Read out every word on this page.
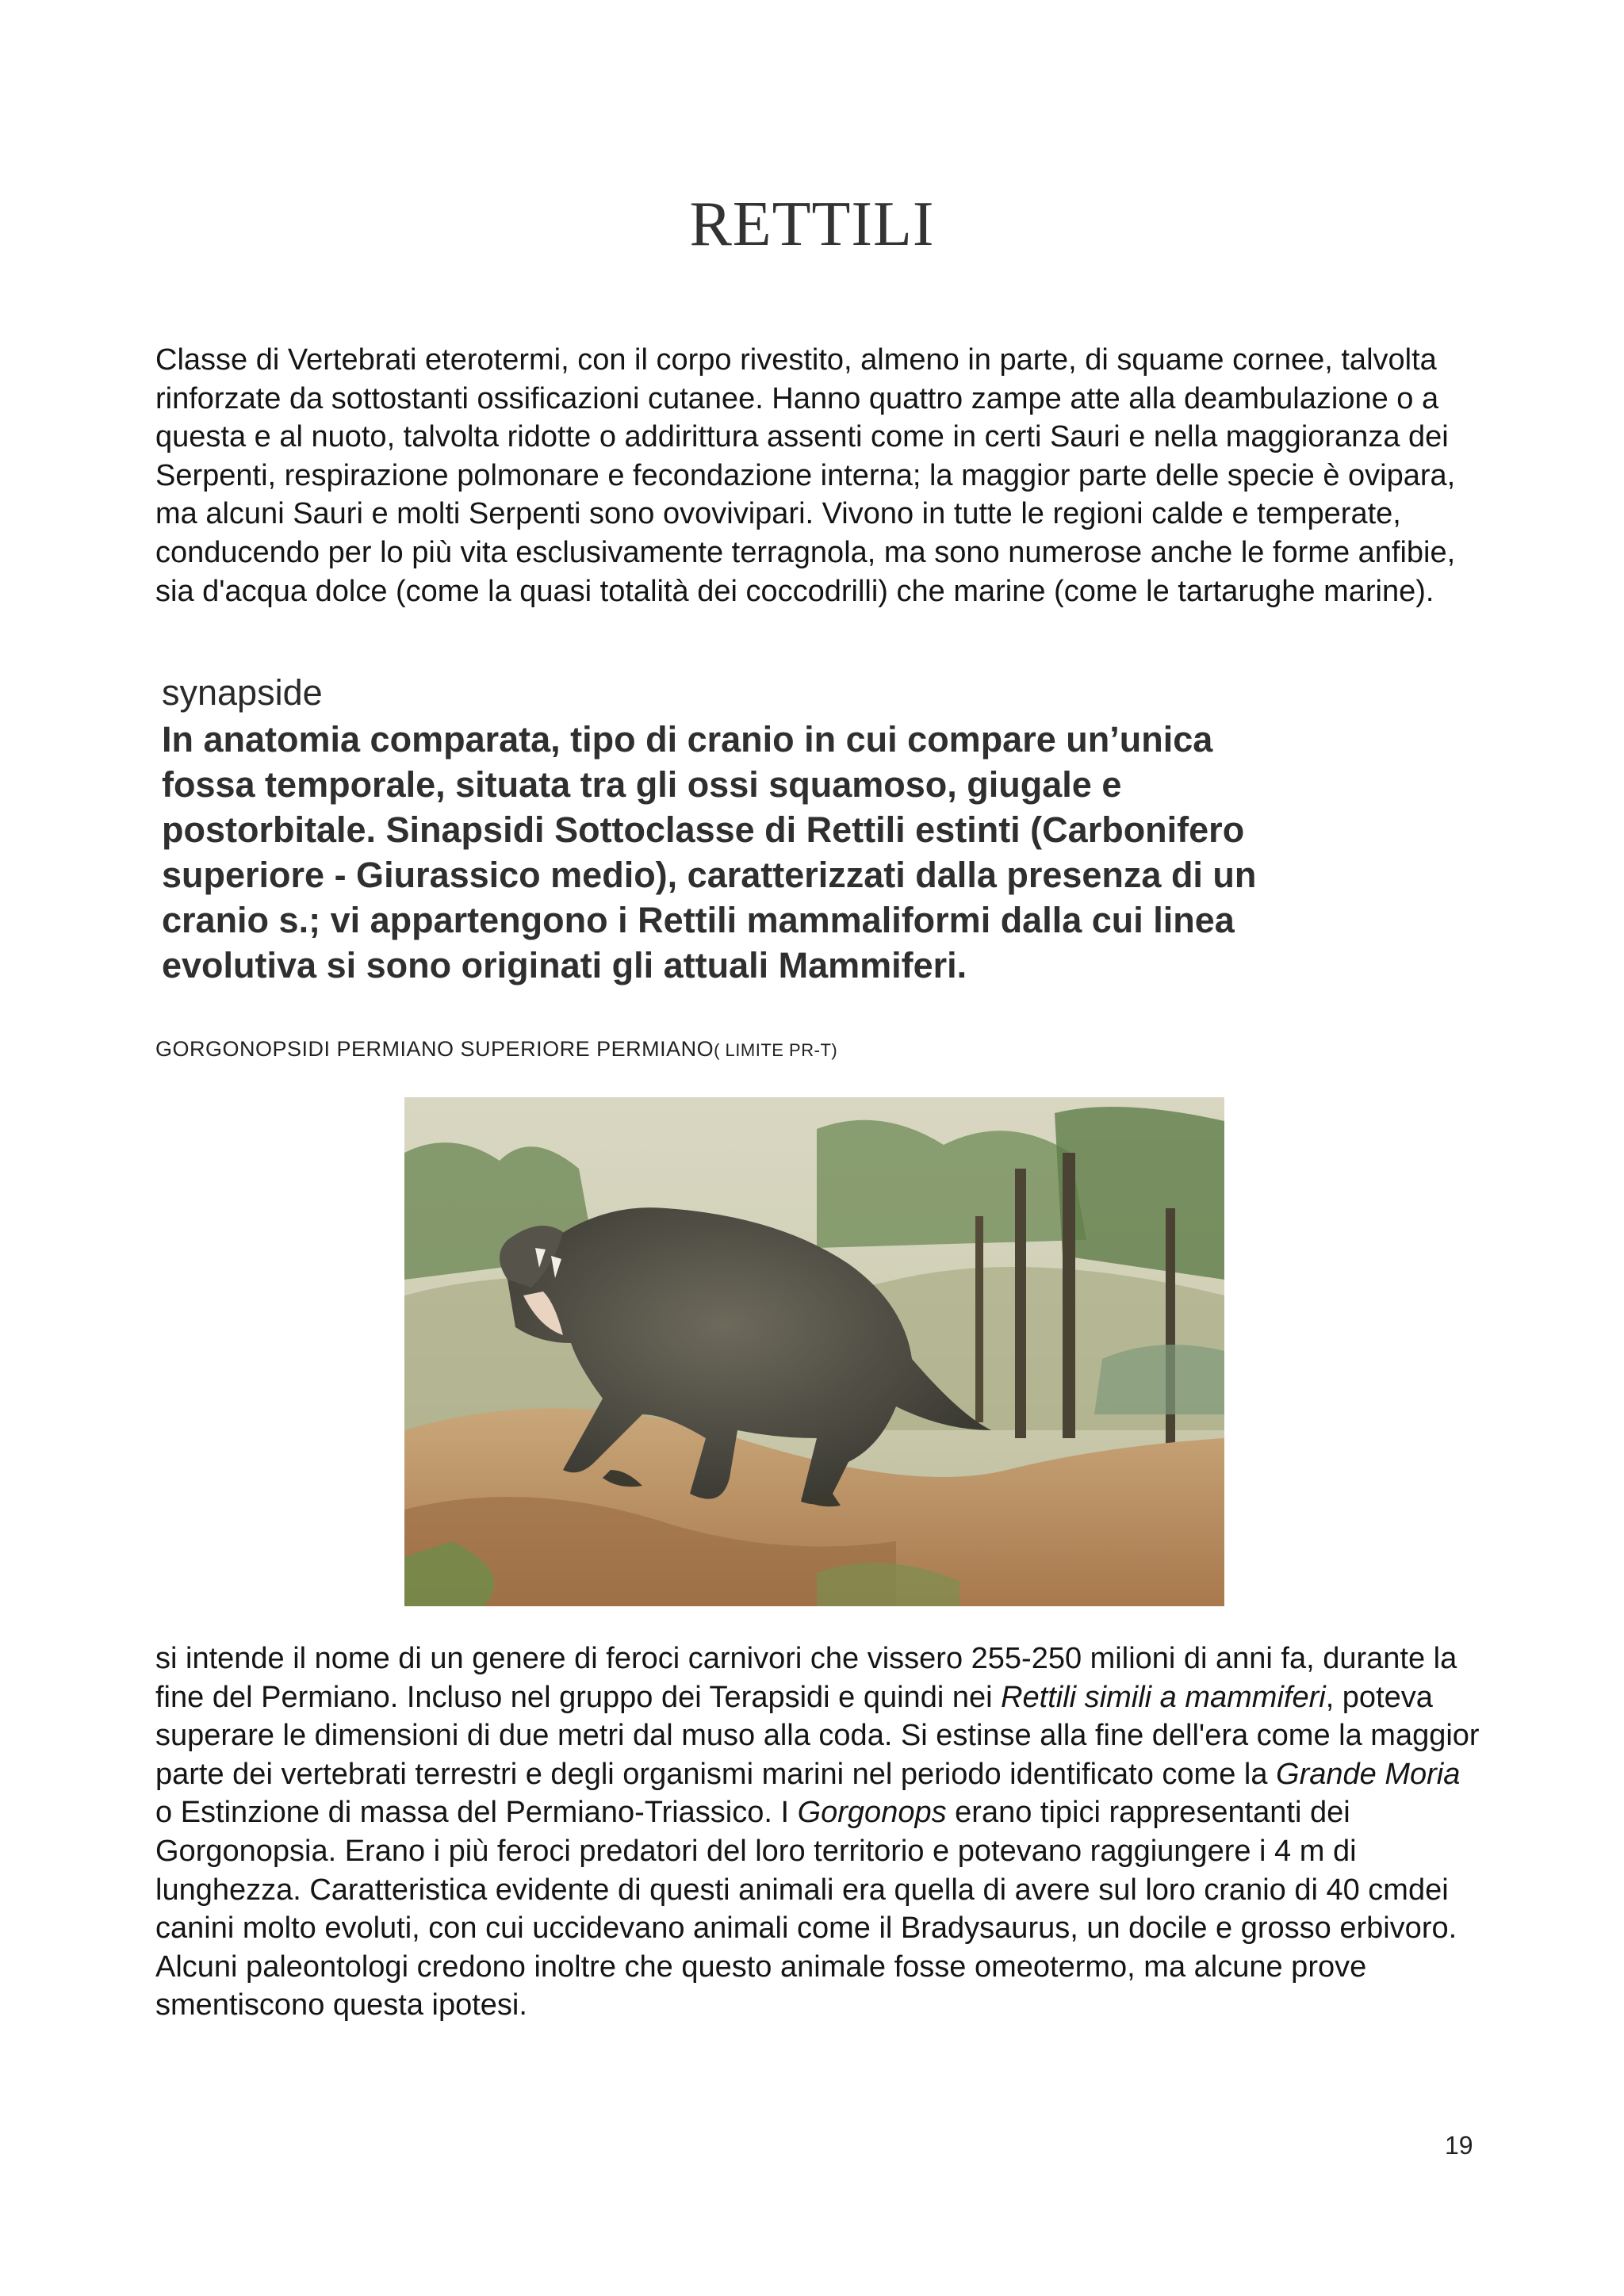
RETTILI
Classe di Vertebrati eterotermi, con il corpo rivestito, almeno in parte, di squame cornee, talvolta rinforzate da sottostanti ossificazioni cutanee. Hanno quattro zampe atte alla deambulazione o a questa e al nuoto, talvolta ridotte o addirittura assenti come in certi Sauri e nella maggioranza dei Serpenti, respirazione polmonare e fecondazione interna; la maggior parte delle specie è ovipara, ma alcuni Sauri e molti Serpenti sono ovovivipari. Vivono in tutte le regioni calde e temperate, conducendo per lo più vita esclusivamente terragnola, ma sono numerose anche le forme anfibie, sia d'acqua dolce (come la quasi totalità dei coccodrilli) che marine (come le tartarughe marine).
synapside
In anatomia comparata, tipo di cranio in cui compare un’unica
fossa temporale, situata tra gli ossi squamoso, giugale e
postorbitale. Sinapsidi Sottoclasse di Rettili estinti (Carbonifero
superiore - Giurassico medio), caratterizzati dalla presenza di un
cranio s.; vi appartengono i Rettili mammaliformi dalla cui linea
evolutiva si sono originati gli attuali Mammiferi.
GORGONOPSIDI PERMIANO SUPERIORE PERMIANO( LIMITE PR-T)
si intende il nome di un genere di feroci carnivori che vissero 255-250 milioni di anni fa, durante la fine del Permiano. Incluso nel gruppo dei Terapsidi e quindi nei Rettili simili a mammiferi, poteva superare le dimensioni di due metri dal muso alla coda. Si estinse alla fine dell'era come la maggior parte dei vertebrati terrestri e degli organismi marini nel periodo identificato come la Grande Moria o Estinzione di massa del Permiano-Triassico. I Gorgonops erano tipici rappresentanti dei Gorgonopsia. Erano i più feroci predatori del loro territorio e potevano raggiungere i 4 m di lunghezza. Caratteristica evidente di questi animali era quella di avere sul loro cranio di 40 cmdei canini molto evoluti, con cui uccidevano animali come il Bradysaurus, un docile e grosso erbivoro. Alcuni paleontologi credono inoltre che questo animale fosse omeotermo, ma alcune prove smentiscono questa ipotesi.
19
